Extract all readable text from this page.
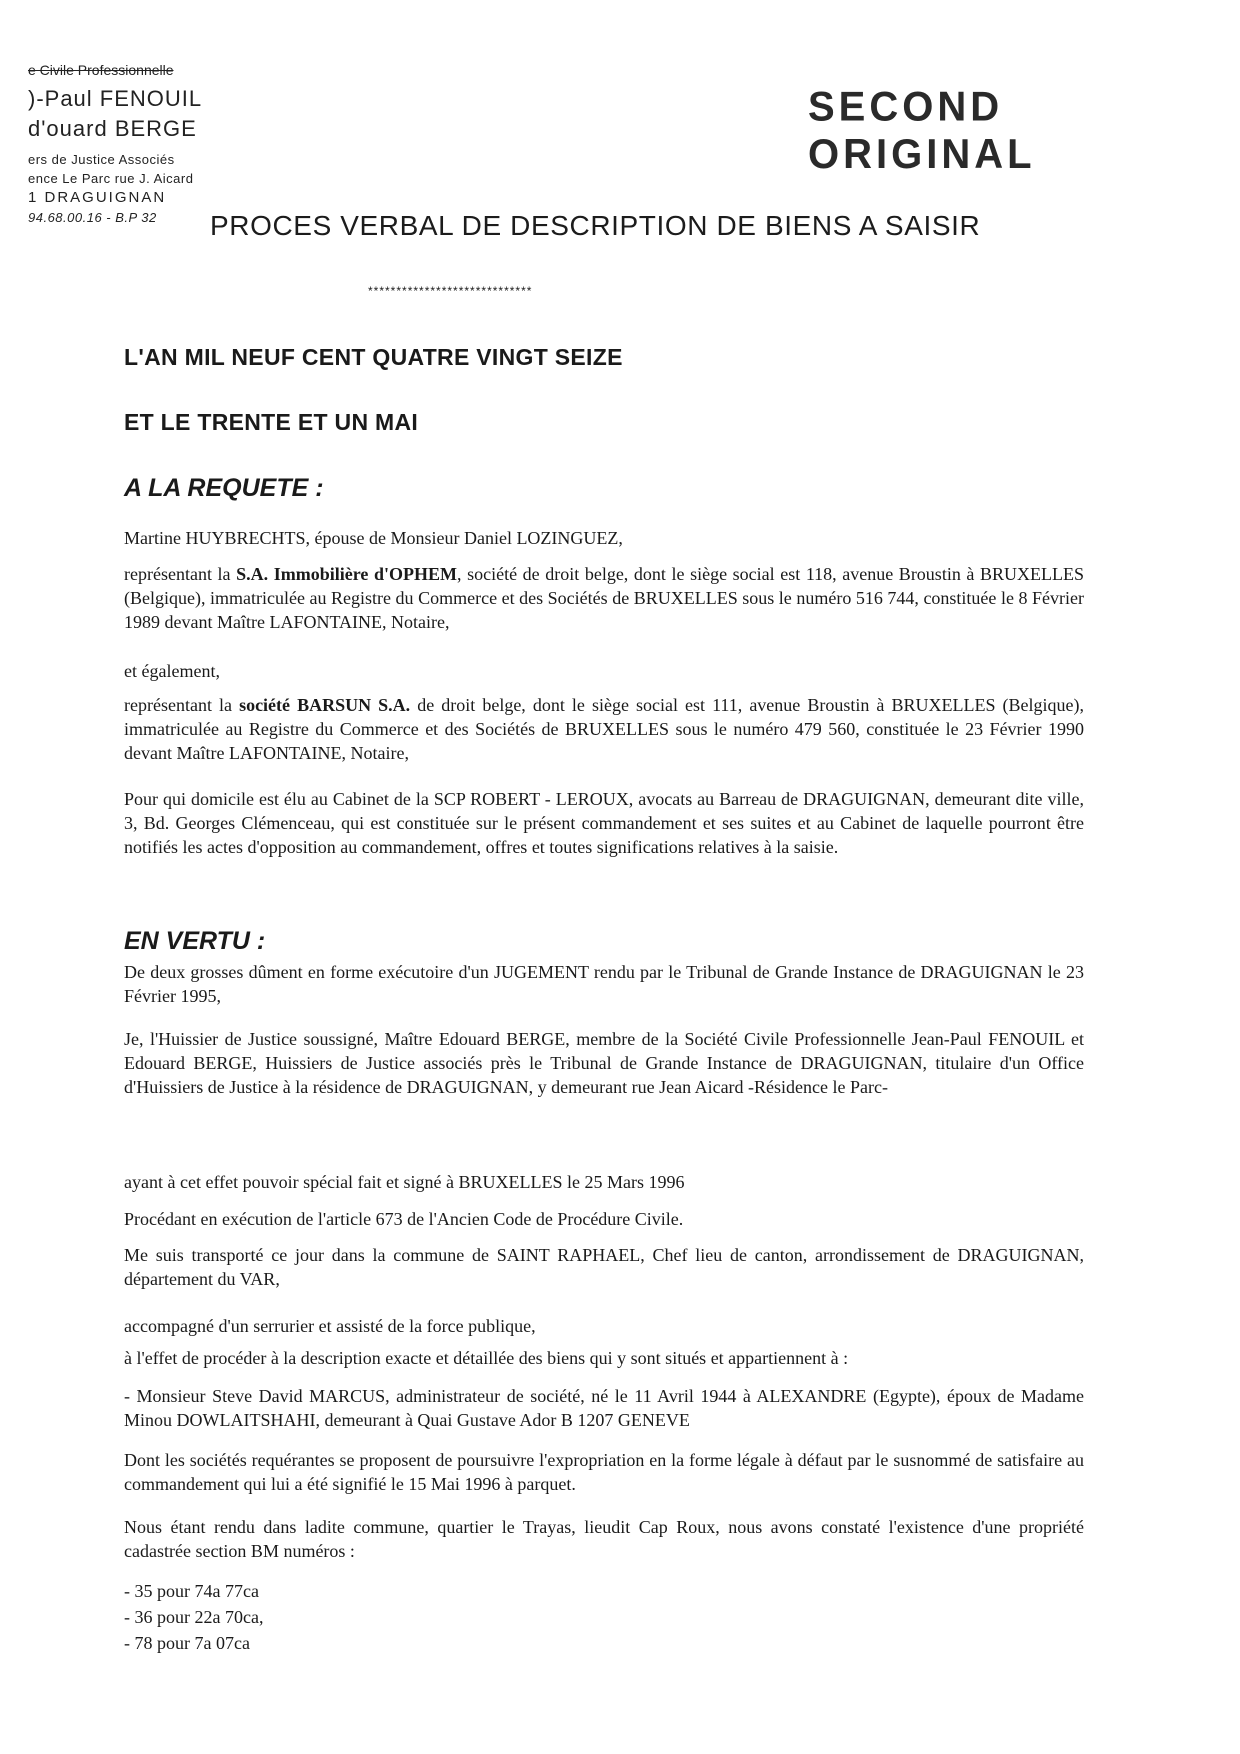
e Civile Professionnelle
)-Paul FENOUIL
d'ouard BERGE
ers de Justice Associés
ence Le Parc rue J. Aicard
1 DRAGUIGNAN
94.68.00.16 - B.P 32
SECOND ORIGINAL
PROCES VERBAL DE DESCRIPTION DE BIENS A SAISIR
*****************************
L'AN MIL NEUF CENT QUATRE VINGT SEIZE
ET LE TRENTE ET UN MAI
A LA REQUETE :
Martine HUYBRECHTS, épouse de Monsieur Daniel LOZINGUEZ,
représentant la S.A. Immobilière d'OPHEM, société de droit belge, dont le siège social est 118, avenue Broustin à BRUXELLES (Belgique), immatriculée au Registre du Commerce et des Sociétés de BRUXELLES sous le numéro 516 744, constituée le 8 Février 1989 devant Maître LAFONTAINE, Notaire,
et également,
représentant la société BARSUN S.A. de droit belge, dont le siège social est 111, avenue Broustin à BRUXELLES (Belgique), immatriculée au Registre du Commerce et des Sociétés de BRUXELLES sous le numéro 479 560, constituée le 23 Février 1990 devant Maître LAFONTAINE, Notaire,
Pour qui domicile est élu au Cabinet de la SCP ROBERT - LEROUX, avocats au Barreau de DRAGUIGNAN, demeurant dite ville, 3, Bd. Georges Clémenceau, qui est constituée sur le présent commandement et ses suites et au Cabinet de laquelle pourront être notifiés les actes d'opposition au commandement, offres et toutes significations relatives à la saisie.
EN VERTU :
De deux grosses dûment en forme exécutoire d'un JUGEMENT rendu par le Tribunal de Grande Instance de DRAGUIGNAN le 23 Février 1995,
Je, l'Huissier de Justice soussigné, Maître Edouard BERGE, membre de la Société Civile Professionnelle Jean-Paul FENOUIL et Edouard BERGE, Huissiers de Justice associés près le Tribunal de Grande Instance de DRAGUIGNAN, titulaire d'un Office d'Huissiers de Justice à la résidence de DRAGUIGNAN, y demeurant rue Jean Aicard -Résidence le Parc-
ayant à cet effet pouvoir spécial fait et signé à BRUXELLES le 25 Mars 1996
Procédant en exécution de l'article 673 de l'Ancien Code de Procédure Civile.
Me suis transporté ce jour dans la commune de SAINT RAPHAEL, Chef lieu de canton, arrondissement de DRAGUIGNAN, département du VAR,
accompagné d'un serrurier et assisté de la force publique,
à l'effet de procéder à la description exacte et détaillée des biens qui y sont situés et appartiennent à :
- Monsieur Steve David MARCUS, administrateur de société, né le 11 Avril 1944 à ALEXANDRE (Egypte), époux de Madame Minou DOWLAITSHAHI, demeurant à Quai Gustave Ador B 1207 GENEVE
Dont les sociétés requérantes se proposent de poursuivre l'expropriation en la forme légale à défaut par le susnommé de satisfaire au commandement qui lui a été signifié le 15 Mai 1996 à parquet.
Nous étant rendu dans ladite commune, quartier le Trayas, lieudit Cap Roux, nous avons constaté l'existence d'une propriété cadastrée section BM numéros :
- 35 pour 74a 77ca
- 36 pour 22a 70ca,
- 78 pour 7a 07ca
